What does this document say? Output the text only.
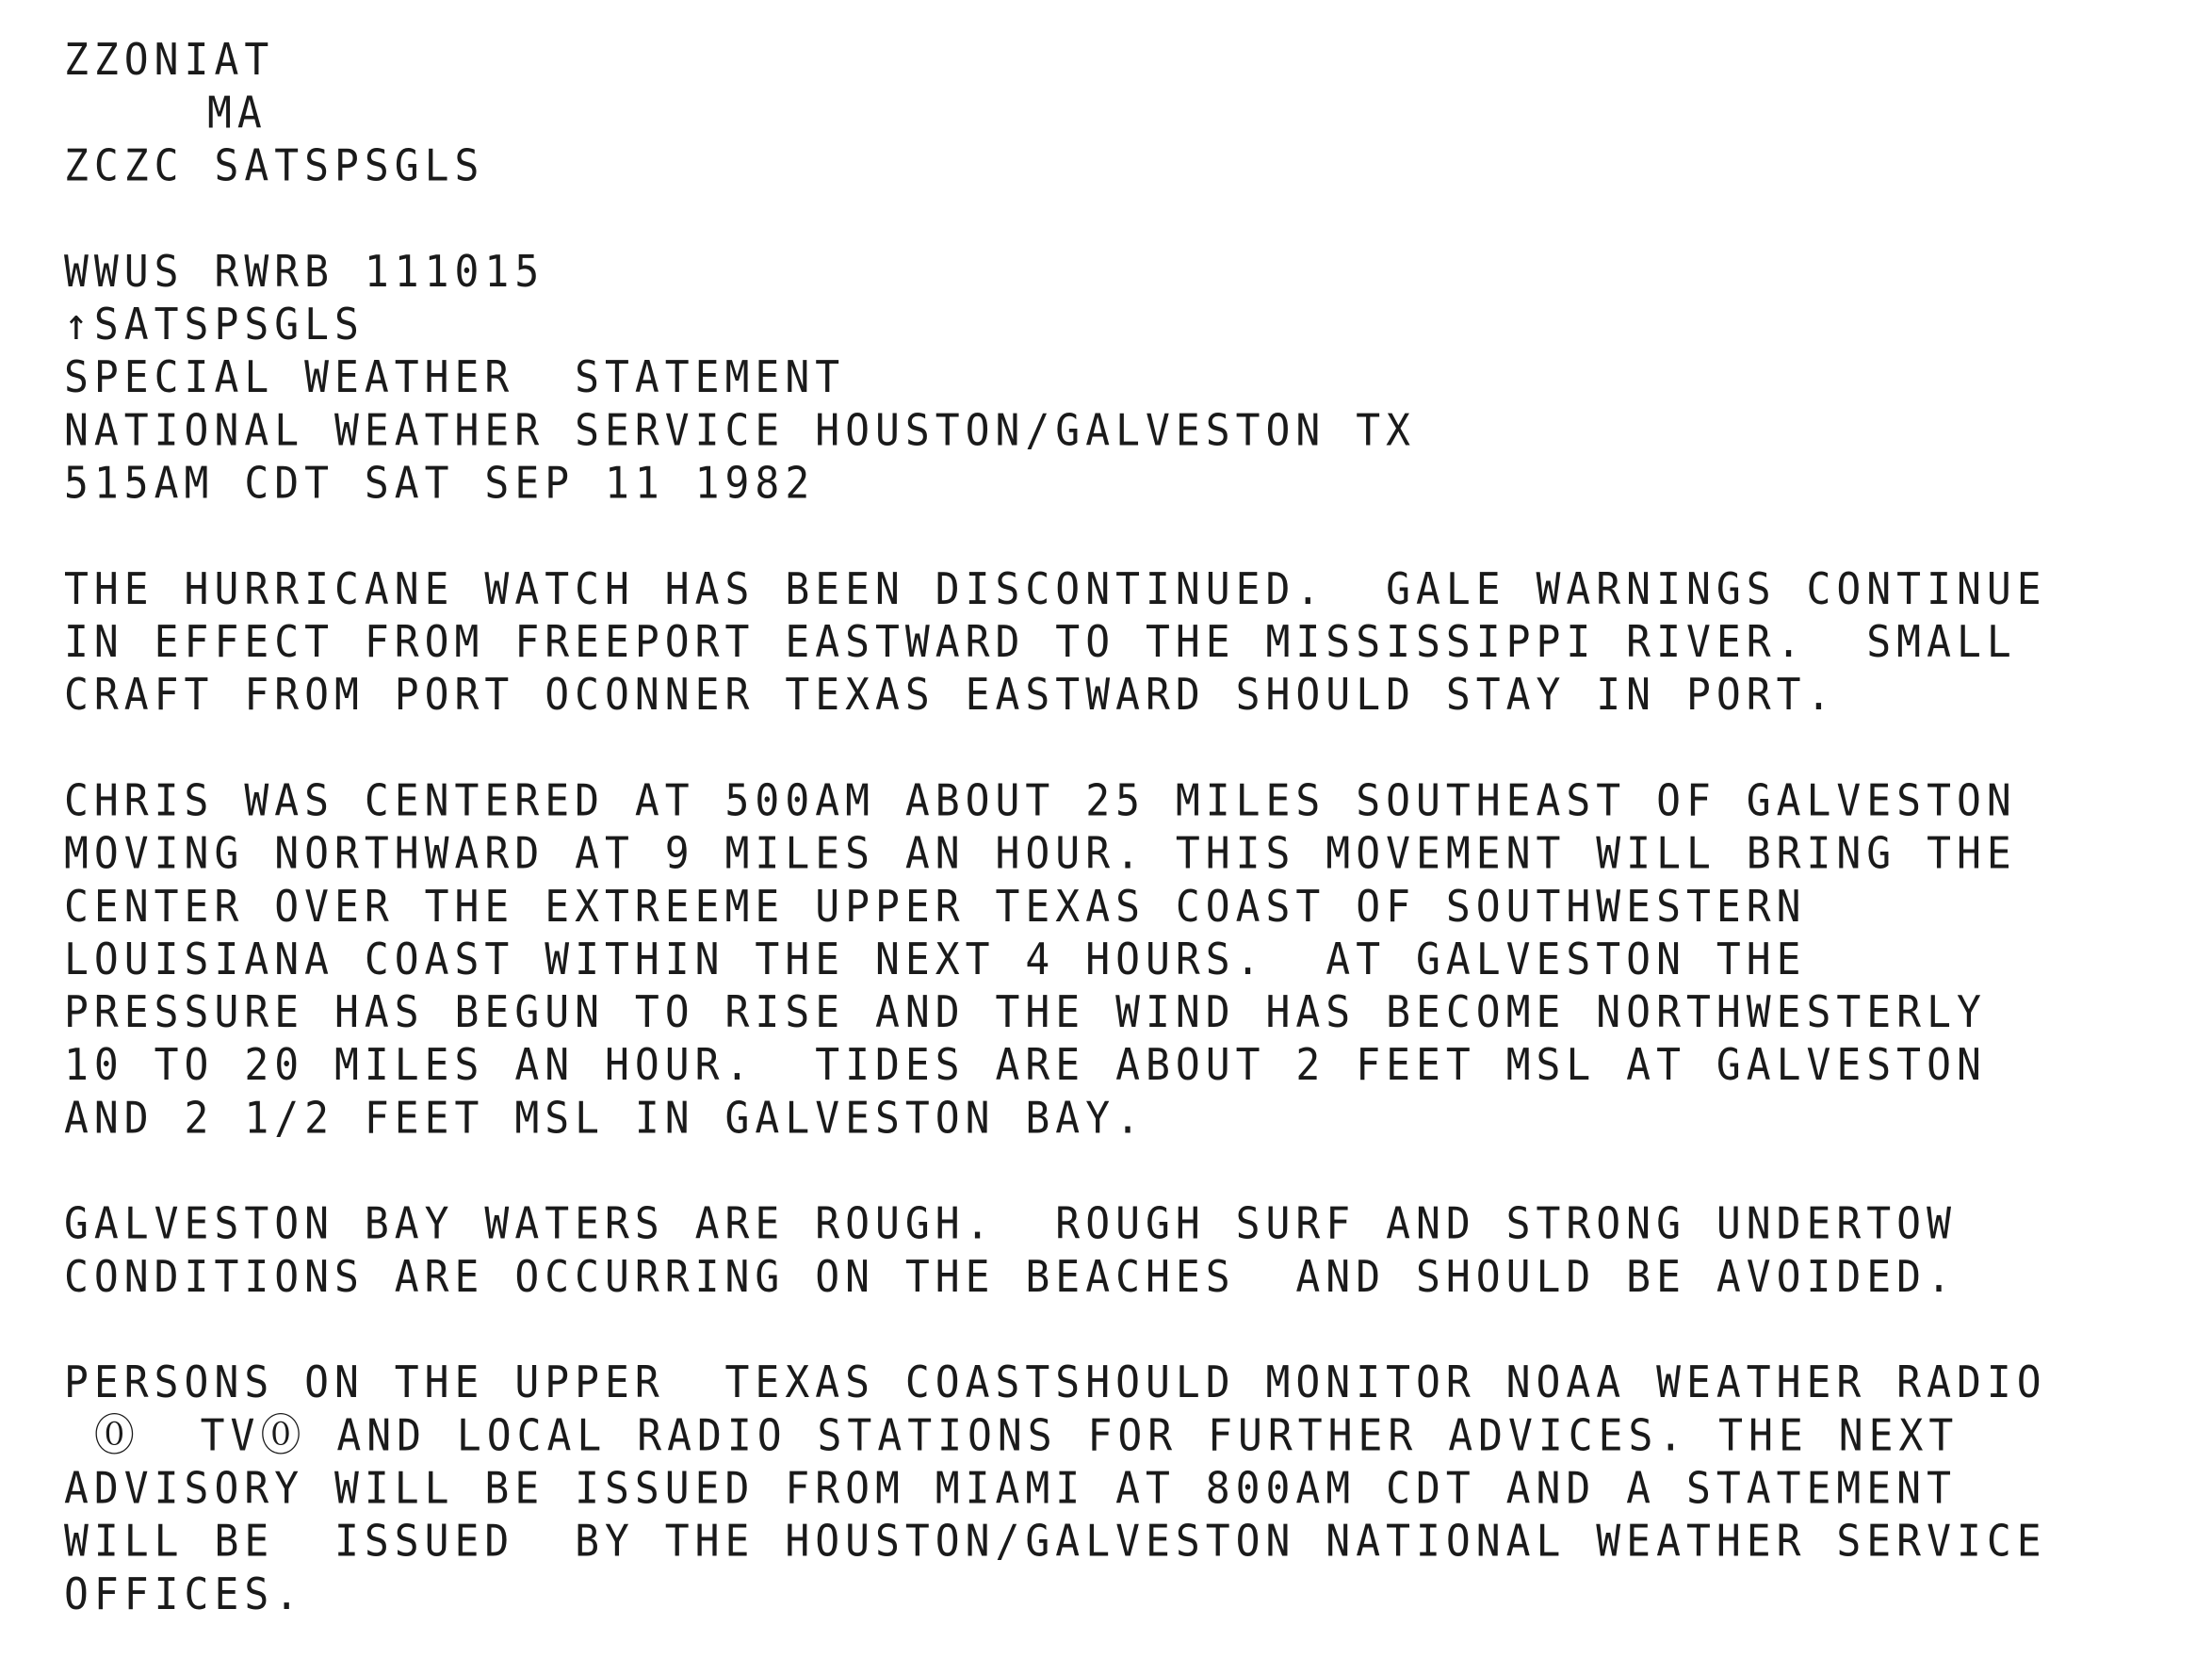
ZZONIAT
MA
ZCZC SATSPSGLS
WWUS RWRB 111015
↑SATSPSGLS
SPECIAL WEATHER  STATEMENT
NATIONAL WEATHER SERVICE HOUSTON/GALVESTON TX
515AM CDT SAT SEP 11 1982
THE HURRICANE WATCH HAS BEEN DISCONTINUED.  GALE WARNINGS CONTINUE
IN EFFECT FROM FREEPORT EASTWARD TO THE MISSISSIPPI RIVER.  SMALL
CRAFT FROM PORT OCONNER TEXAS EASTWARD SHOULD STAY IN PORT.
CHRIS WAS CENTERED AT 500AM ABOUT 25 MILES SOUTHEAST OF GALVESTON
MOVING NORTHWARD AT 9 MILES AN HOUR. THIS MOVEMENT WILL BRING THE
CENTER OVER THE EXTREEME UPPER TEXAS COAST OF SOUTHWESTERN
LOUISIANA COAST WITHIN THE NEXT 4 HOURS.  AT GALVESTON THE
PRESSURE HAS BEGUN TO RISE AND THE WIND HAS BECOME NORTHWESTERLY
10 TO 20 MILES AN HOUR.  TIDES ARE ABOUT 2 FEET MSL AT GALVESTON
AND 2 1/2 FEET MSL IN GALVESTON BAY.
GALVESTON BAY WATERS ARE ROUGH.  ROUGH SURF AND STRONG UNDERTOW
CONDITIONS ARE OCCURRING ON THE BEACHES  AND SHOULD BE AVOIDED.
PERSONS ON THE UPPER  TEXAS COASTSHOULD MONITOR NOAA WEATHER RADIO
⓪  TV⓪ AND LOCAL RADIO STATIONS FOR FURTHER ADVICES. THE NEXT
ADVISORY WILL BE ISSUED FROM MIAMI AT 800AM CDT AND A STATEMENT
WILL BE  ISSUED  BY THE HOUSTON/GALVESTON NATIONAL WEATHER SERVICE
OFFICES.
